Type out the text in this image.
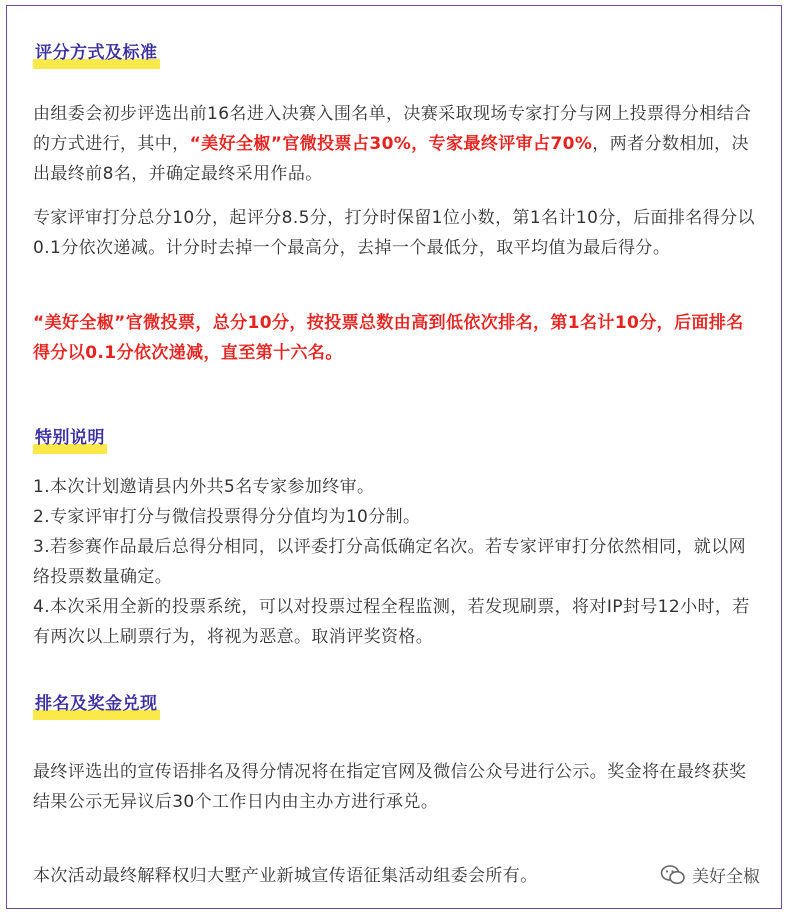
评分方式及标准
由组委会初步评选出前16名进入决赛入围名单，决赛采取现场专家打分与网上投票得分相结合的方式进行，其中，“美好全椒”官微投票占30%，专家最终评审占70%，两者分数相加，决出最终前8名，并确定最终采用作品。
专家评审打分总分10分，起评分8.5分，打分时保留1位小数，第1名计10分，后面排名得分以0.1分依次递减。计分时去掉一个最高分，去掉一个最低分，取平均值为最后得分。
“美好全椒”官微投票，总分10分，按投票总数由高到低依次排名，第1名计10分，后面排名得分以0.1分依次递减，直至第十六名。
特别说明
1.本次计划邀请县内外共5名专家参加终审。
2.专家评审打分与微信投票得分分值均为10分制。
3.若参赛作品最后总得分相同，以评委打分高低确定名次。若专家评审打分依然相同，就以网络投票数量确定。
4.本次采用全新的投票系统，可以对投票过程全程监测，若发现刷票，将对IP封号12小时，若有两次以上刷票行为，将视为恶意。取消评奖资格。
排名及奖金兑现
最终评选出的宣传语排名及得分情况将在指定官网及微信公众号进行公示。奖金将在最终获奖结果公示无异议后30个工作日内由主办方进行承兑。
本次活动最终解释权归大墅产业新城宣传语征集活动组委会所有。	美好全椒
